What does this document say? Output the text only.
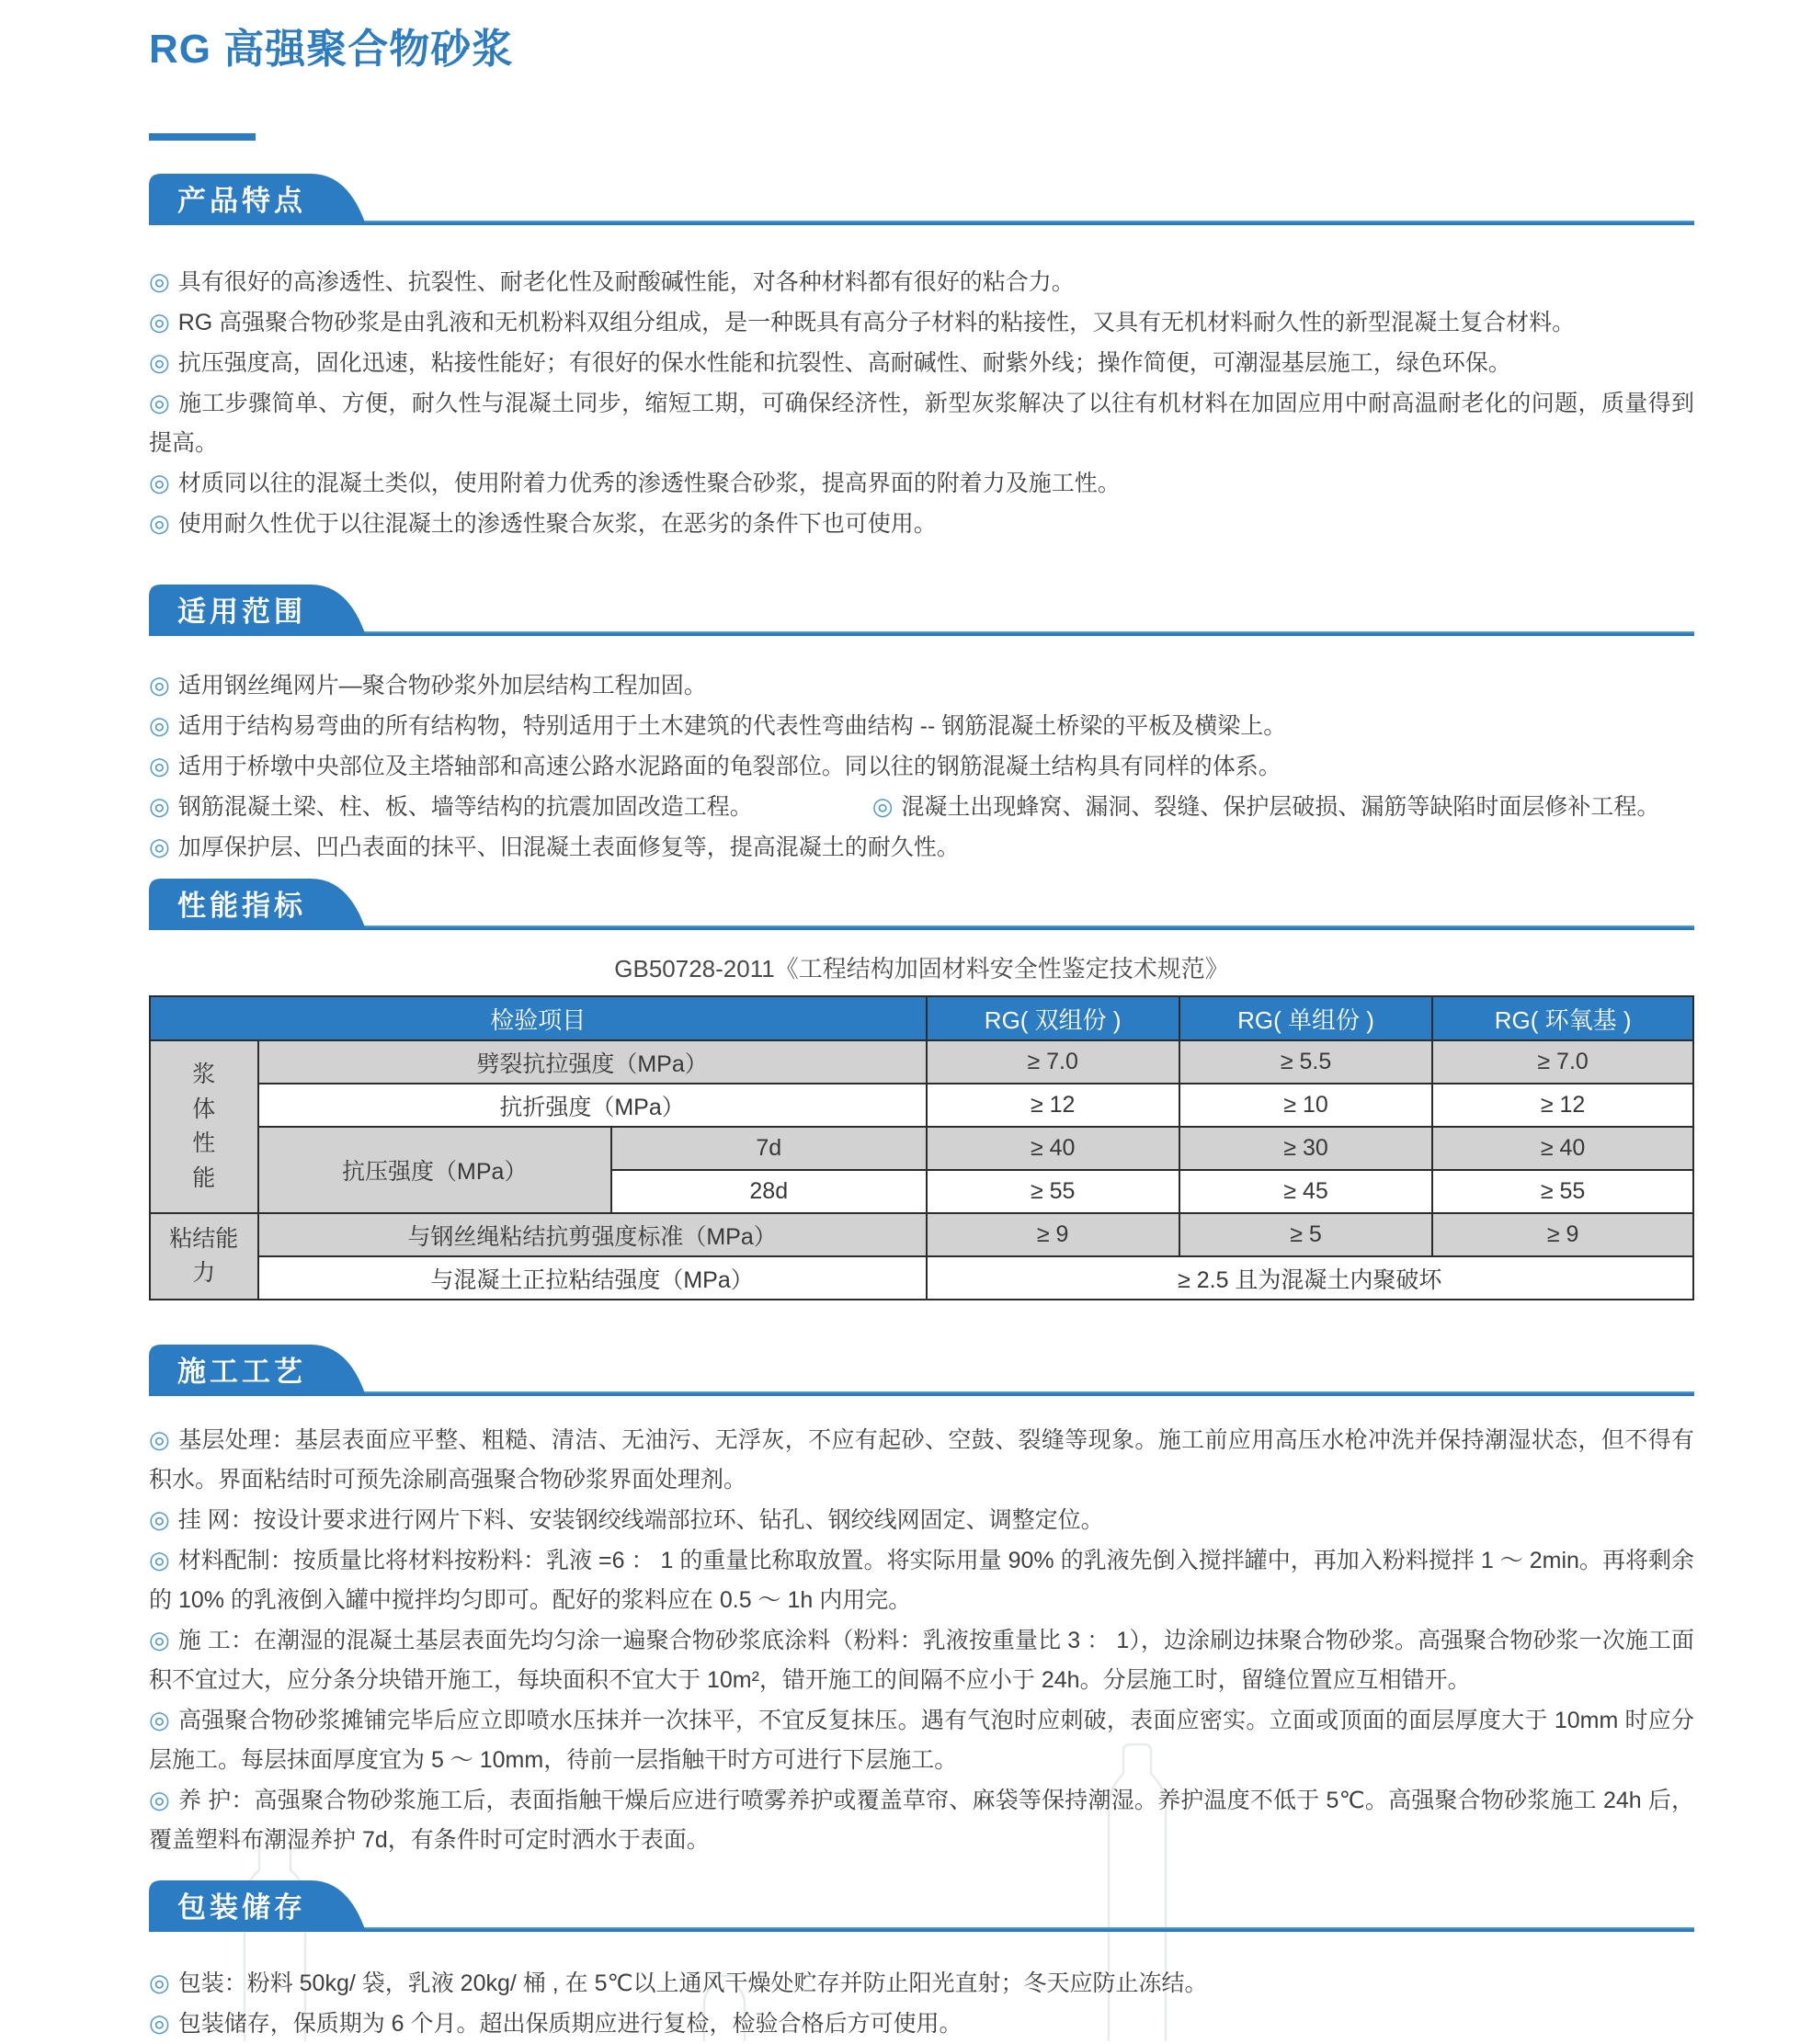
RG 高强聚合物砂浆
产品特点
◎ 具有很好的高渗透性、抗裂性、耐老化性及耐酸碱性能，对各种材料都有很好的粘合力。
◎ RG 高强聚合物砂浆是由乳液和无机粉料双组分组成，是一种既具有高分子材料的粘接性，又具有无机材料耐久性的新型混凝土复合材料。
◎ 抗压强度高，固化迅速，粘接性能好；有很好的保水性能和抗裂性、高耐碱性、耐紫外线；操作简便，可潮湿基层施工，绿色环保。
◎ 施工步骤简单、方便，耐久性与混凝土同步，缩短工期，可确保经济性，新型灰浆解决了以往有机材料在加固应用中耐高温耐老化的问题，质量得到提高。
◎ 材质同以往的混凝土类似，使用附着力优秀的渗透性聚合砂浆，提高界面的附着力及施工性。
◎ 使用耐久性优于以往混凝土的渗透性聚合灰浆，在恶劣的条件下也可使用。
适用范围
◎ 适用钢丝绳网片—聚合物砂浆外加层结构工程加固。
◎ 适用于结构易弯曲的所有结构物，特别适用于土木建筑的代表性弯曲结构 -- 钢筋混凝土桥梁的平板及横梁上。
◎ 适用于桥墩中央部位及主塔轴部和高速公路水泥路面的龟裂部位。同以往的钢筋混凝土结构具有同样的体系。
◎ 钢筋混凝土梁、柱、板、墙等结构的抗震加固改造工程。	◎ 混凝土出现蜂窝、漏洞、裂缝、保护层破损、漏筋等缺陷时面层修补工程。
◎ 加厚保护层、凹凸表面的抹平、旧混凝土表面修复等，提高混凝土的耐久性。
性能指标
GB50728-2011《工程结构加固材料安全性鉴定技术规范》
检验项目			RG( 双组份 )	RG( 单组份 )	RG( 环氧基 )
浆体性能	劈裂抗拉强度（MPa）		≥ 7.0	≥ 5.5	≥ 7.0
	抗折强度（MPa）		≥ 12	≥ 10	≥ 12
	抗压强度（MPa）	7d	≥ 40	≥ 30	≥ 40
		28d	≥ 55	≥ 45	≥ 55
粘结能力	与钢丝绳粘结抗剪强度标准（MPa）		≥ 9	≥ 5	≥ 9
	与混凝土正拉粘结强度（MPa）		≥ 2.5 且为混凝土内聚破坏		
施工工艺
◎ 基层处理：基层表面应平整、粗糙、清洁、无油污、无浮灰，不应有起砂、空鼓、裂缝等现象。施工前应用高压水枪冲洗并保持潮湿状态，但不得有积水。界面粘结时可预先涂刷高强聚合物砂浆界面处理剂。
◎ 挂 网：按设计要求进行网片下料、安装钢绞线端部拉环、钻孔、钢绞线网固定、调整定位。
◎ 材料配制：按质量比将材料按粉料：乳液 =6 ： 1 的重量比称取放置。将实际用量 90% 的乳液先倒入搅拌罐中，再加入粉料搅拌 1 ～ 2min。再将剩余的 10% 的乳液倒入罐中搅拌均匀即可。配好的浆料应在 0.5 ～ 1h 内用完。
◎ 施 工：在潮湿的混凝土基层表面先均匀涂一遍聚合物砂浆底涂料（粉料：乳液按重量比 3 ： 1），边涂刷边抹聚合物砂浆。高强聚合物砂浆一次施工面积不宜过大，应分条分块错开施工，每块面积不宜大于 10m²，错开施工的间隔不应小于 24h。分层施工时，留缝位置应互相错开。
◎ 高强聚合物砂浆摊铺完毕后应立即喷水压抹并一次抹平，不宜反复抹压。遇有气泡时应刺破，表面应密实。立面或顶面的面层厚度大于 10mm 时应分层施工。每层抹面厚度宜为 5 ～ 10mm，待前一层指触干时方可进行下层施工。
◎ 养 护：高强聚合物砂浆施工后，表面指触干燥后应进行喷雾养护或覆盖草帘、麻袋等保持潮湿。养护温度不低于 5℃。高强聚合物砂浆施工 24h 后，覆盖塑料布潮湿养护 7d，有条件时可定时洒水于表面。
包装储存
◎ 包装：粉料 50kg/ 袋，乳液 20kg/ 桶 , 在 5℃以上通风干燥处贮存并防止阳光直射；冬天应防止冻结。
◎ 包装储存，保质期为 6 个月。超出保质期应进行复检，检验合格后方可使用。
